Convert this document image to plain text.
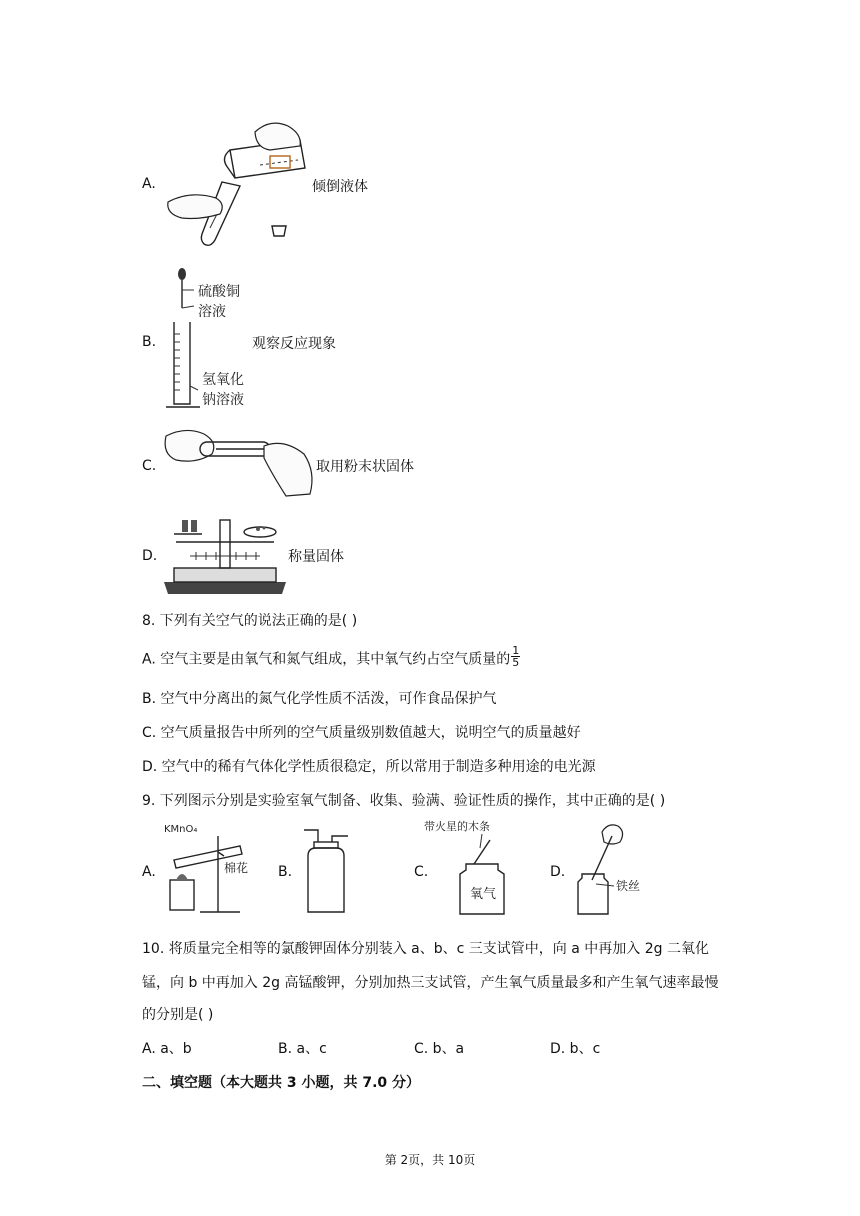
A.	倾倒液体
B.
硫酸铜
溶液
氢氧化
钠溶液
观察反应现象
C.	取用粉末状固体
D.	称量固体
8. 下列有关空气的说法正确的是( )
A. 空气主要是由氧气和氮气组成，其中氧气约占空气质量的 $\frac{1}{5}$
B. 空气中分离出的氮气化学性质不活泼，可作食品保护气
C. 空气质量报告中所列的空气质量级别数值越大，说明空气的质量越好
D. 空气中的稀有气体化学性质很稳定，所以常用于制造多种用途的电光源
9. 下列图示分别是实验室氧气制备、收集、验满、验证性质的操作，其中正确的是( )
A.
KMnO₄
棉花 B.	C.
带火星的木条
氧气
D.
铁丝
10. 将质量完全相等的氯酸钾固体分别装入 a、b、c 三支试管中，向 a 中再加入 2g 二氧化
锰，向 b 中再加入 2g 高锰酸钾，分别加热三支试管，产生氧气质量最多和产生氧气速率最慢
的分别是( )
A. a、b	B. a、c	C. b、a	D. b、c
二、填空题（本大题共 3 小题，共 7.0 分）
第 2页，共 10页
